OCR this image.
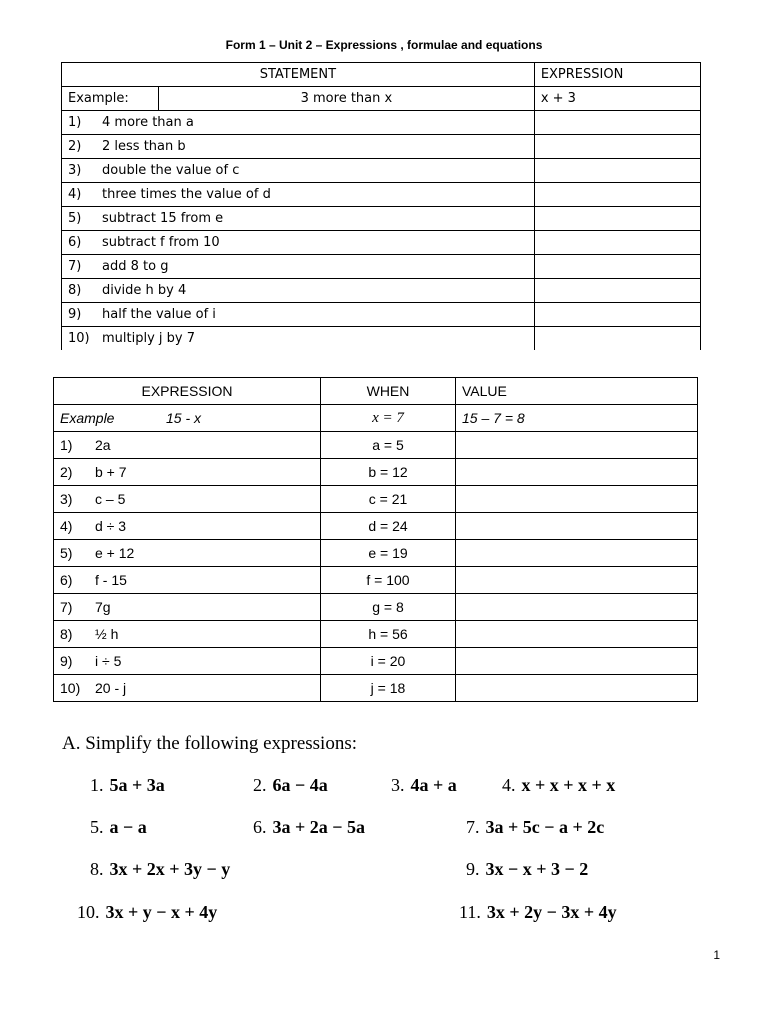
Form 1 – Unit 2 – Expressions , formulae and equations
STATEMENT		EXPRESSION
Example:	3 more than x	x + 3
1) 4 more than a		
2) 2 less than b		
3) double the value of c		
4) three times the value of d		
5) subtract 15 from e		
6) subtract f from 10		
7) add 8 to g		
8) divide h by 4		
9) half the value of i		
10) multiply j by 7		
EXPRESSION	WHEN	VALUE
Example 15 - x	x = 7	15 – 7 = 8
1) 2a	a = 5	
2) b + 7	b = 12	
3) c – 5	c = 21	
4) d ÷ 3	d = 24	
5) e + 12	e = 19	
6) f - 15	f = 100	
7) 7g	g = 8	
8) ½ h	h = 56	
9) i ÷ 5	i = 20	
10) 20 - j	j = 18	
A. Simplify the following expressions:
1. 5a + 3a	2. 6a − 4a	3. 4a + a	4. x + x + x + x
5. a − a	6. 3a + 2a − 5a	7. 3a + 5c − a + 2c
8. 3x + 2x + 3y − y	9. 3x − x + 3 − 2
10. 3x + y − x + 4y	11. 3x + 2y − 3x + 4y
1
